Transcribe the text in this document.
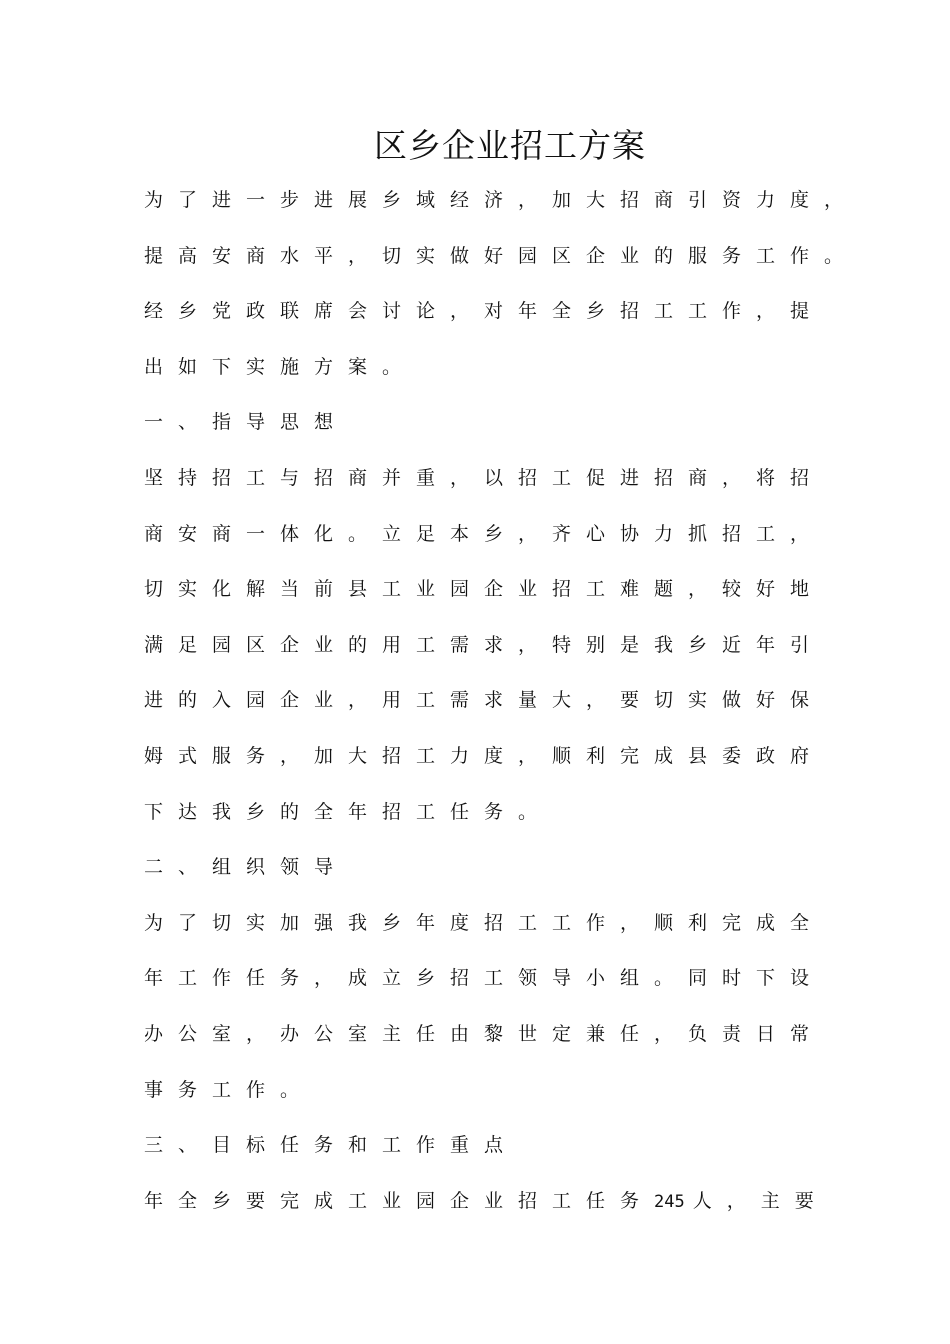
区乡企业招工方案
为 了 进 一 步 进 展 乡 域 经 济 ， 加 大 招 商 引 资 力 度 ，
提 高 安 商 水 平 ， 切 实 做 好 园 区 企 业 的 服 务 工 作 。
经 乡 党 政 联 席 会 讨 论 ， 对 年 全 乡 招 工 工 作 ， 提
出 如 下 实 施 方 案 。
一 、 指 导 思 想
坚 持 招 工 与 招 商 并 重 ， 以 招 工 促 进 招 商 ， 将 招
商 安 商 一 体 化 。 立 足 本 乡 ， 齐 心 协 力 抓 招 工 ，
切 实 化 解 当 前 县 工 业 园 企 业 招 工 难 题 ， 较 好 地
满 足 园 区 企 业 的 用 工 需 求 ， 特 别 是 我 乡 近 年 引
进 的 入 园 企 业 ， 用 工 需 求 量 大 ， 要 切 实 做 好 保
姆 式 服 务 ， 加 大 招 工 力 度 ， 顺 利 完 成 县 委 政 府
下 达 我 乡 的 全 年 招 工 任 务 。
二 、 组 织 领 导
为 了 切 实 加 强 我 乡 年 度 招 工 工 作 ， 顺 利 完 成 全
年 工 作 任 务 ， 成 立 乡 招 工 领 导 小 组 。 同 时 下 设
办 公 室 ， 办 公 室 主 任 由 黎 世 定 兼 任 ， 负 责 日 常
事 务 工 作 。
三 、 目 标 任 务 和 工 作 重 点
年 全 乡 要 完 成 工 业 园 企 业 招 工 任 务 245 人 ， 主 要
